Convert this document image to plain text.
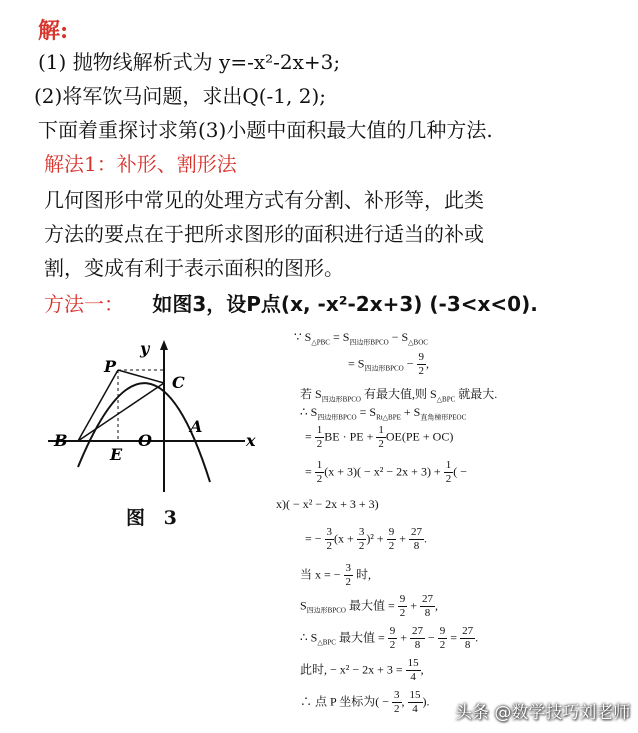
解:
(1) 抛物线解析式为 y=-x²-2x+3;
(2)将军饮马问题，求出Q(-1, 2);
下面着重探讨求第(3)小题中面积最大值的几种方法.
解法1：补形、割形法
几何图形中常见的处理方式有分割、补形等，此类
方法的要点在于把所求图形的面积进行适当的补或
割，变成有利于表示面积的图形。
方法一： 如图3，设P点(x, -x²-2x+3) (-3<x<0).
y
x
P
C
B
E
O
A
图 3
∵ $S_{\triangle PBC} = S_{四边形BPCO} - S_{\triangle BOC}$
= $S_{四边形BPCO} - \frac{9}{2}$ ,
若 $S_{四边形BPCO}$ 有最大值,则 $S_{\triangle BPC}$ 就最大.
∴ $S_{四边形BPCO} = S_{Rt\triangle BPE} + S_{直角梯形PEOC}$
= $\frac{1}{2}$ BE · PE + $\frac{1}{2} OE(PE + OC)$
= $\frac{1}{2} (x + 3)( - x^2 - 2x + 3) + \frac{1}{2}$ ( −
x)( − x² − 2x + 3 + 3)
= − $\frac{3}{2} (x + \frac{3}{2} )^2 + \frac{9}{2} + \frac{27}{8}$ .
当 x = − $\frac{3}{2}$ 时,
$S_{四边形BPCO}$ 最大值 = $\frac{9}{2} + \frac{27}{8}$ ,
∴ $S_{\triangle BPC}$ 最大值 = $\frac{9}{2} + \frac{27}{8} - \frac{9}{2} = \frac{27}{8}$ .
此时, − $x^2 - 2x + 3 = \frac{15}{4}$ ,
∴ 点 P 坐标为( − $\frac{3}{2}$ , $\frac{15}{4}$ ).
头条 @数学技巧刘老师
